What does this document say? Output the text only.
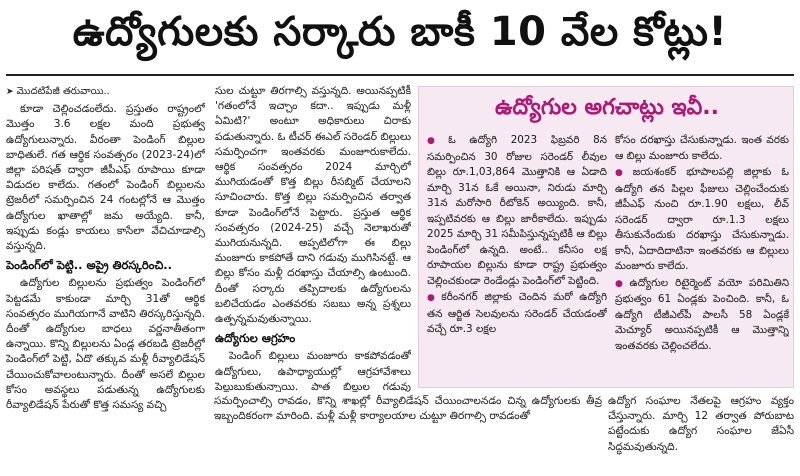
ఉద్యోగులకు సర్కారు బాకీ 10 వేల కోట్లు!
➤ మొదటిపేజీ తరువాయి..

కూడా చెల్లించడంలేదు. ప్రస్తుతం రాష్ట్రంలో మొత్తం 3.6 లక్షల మంది ప్రభుత్వ ఉద్యోగులున్నారు. వీరంతా పెండింగ్ బిల్లుల బాధితులే. గత ఆర్థిక సంవత్సరం (2023-24)లో జిల్లా పరిషత్ ద్వారా జీపీఎఫ్ రూపాయి కూడా విడుదల కాలేదు. గతంలో పెండింగ్ బిల్లులను ట్రెజరీలో సమర్పించిన 24 గంటల్లోనే ఆ మొత్తం ఉద్యోగుల ఖాతాల్లో జమ అయ్యేది. కానీ, ఇప్పుడు కండ్లు కాయలు కాసేలా వేచిచూడాల్సి వస్తున్నది.

పెండింగ్‌లో పెట్టి.. అప్రై తిరస్కరించి..

ఉద్యోగుల బిల్లులను ప్రభుత్వం పెండింగ్‌లో పెట్టడమే కాకుండా మార్చి 31తో ఆర్థిక సంవత్సరం ముగియగానే వాటిని తిరస్కరిస్తున్నది. దీంతో ఉద్యోగుల బాధలు వర్ణనాతీతంగా ఉన్నాయి. కొన్ని బిల్లులను ఏండ్ల తరబడి ట్రెజరీల్లో పెండింగ్‌లో పెట్టి, ఏదొ తక్కువ మళ్లీ రీవ్యాలిడేషన్ చేయించుకోవాలంటున్నారు. దీంతో అసలే బిల్లుల కోసం అవస్థలు పడుతున్న ఉద్యోగులకు రీవ్యాలిడేషన్ పేరుతో కొత్త సమస్య వచ్చి

సుల చుట్టూ తిరగాల్సి వస్తున్నది. అయినప్పటికీ 'గతంలోనే ఇచ్చాం కదా.. ఇప్పుడు మళ్లీ ఏమిటి?' అంటూ అధికారులు చిరాకు పడుతున్నారు. ఓ టీచర్ ఈఎల్ సరెండర్ బిల్లులు సమర్పించగా ఇంతవరకు మంజూరుకాలేదు. ఆర్థిక సంవత్సరం 2024 మార్చిలో ముగియడంతో కొత్త బిల్లు రీసబ్మిట్ చేయాలని సూచించారు. కొత్త బిల్లు సమర్పించిన తర్వాత కూడా పెండింగ్‌లోనే పెట్టారు. ప్రస్తుత ఆర్థిక సంవత్సరం (2024-25) వచ్చే నెలాఖరుతో ముగియనున్నది. అప్పటిలోగా ఈ బిల్లు మంజూరు కాకపోతే దాని గడువు ముగిసినట్టే. ఆ బిల్లు కోసం మళ్లీ దరఖాస్తు చేయాల్సి ఉంటుంది. దీంతో సర్కారు తప్పిదాలకు ఉద్యోగులను బలిచేయడం ఎంతవరకు సబబు అన్న ప్రశ్నలు ఉత్పన్నమవుతున్నాయి.

ఉద్యోగుల ఆగ్రహం

పెండింగ్ బిల్లులు మంజూరు కాకపోవడంతో ఉద్యోగులు, ఉపాధ్యాయుల్లో ఆగ్రహావేశాలు పెల్లుబుకుతున్నాయి. పాత బిల్లుల గడువు

ఉద్యోగుల అగచాట్లు ఇవీ..

● ఓ ఉద్యోగి 2023 ఫిబ్రవరి 8న సమర్పించిన 30 రోజుల సరెండర్ లీవుల బిల్లు రూ.1,03,864 మొత్తానికి ఆ ఏడాది మార్చి 31న ఓకే అయినా, నిరుడు మార్చి 31న మరోసారి రీటోకెన్ అయ్యింది. కానీ, ఇప్పటివరకు ఆ బిల్లు జారీకాలేదు. ఇప్పుడు 2025 మార్చి 31 సమీపిస్తున్నప్పటికీ ఆ బిల్లు పెండింగ్‌లో ఉన్నది. అంటే.. కనీసం లక్ష రూపాయల బిల్లును కూడా రాష్ట్ర ప్రభుత్వం చెల్లించకుండా రెండేండ్లు పెండింగ్‌లో పెట్టింది.

● కరీంనగర్ జిల్లాకు చెందిన మరో ఉద్యోగి తన ఆర్జిత సెలవులను సరెండర్ చేయడంతో వచ్చే రూ.3 లక్షల

కోసం దరఖాస్తు చేసుకున్నాడు. ఇంత వరకు ఆ బిల్లు మంజూరు కాలేదు.

● జయశంకర్ భూపాలపల్లి జిల్లాకు ఓ ఉద్యోగి తన పిల్లల ఫీజులు చెల్లించేందుకు జీపీఎఫ్ నుంచి రూ.1.90 లక్షలు, లీవ్ సరెండర్ ద్వారా రూ.1.3 లక్షలు తీసుకునేందుకు దరఖాస్తు చేసుకున్నాడు. కానీ, ఏదాదిదాటినా ఇంతవరకు ఆ బిల్లులు మంజూరు కాలేదు.

● ఉద్యోగుల రిటైర్మెంట్ వయో పరిమితిని ప్రభుత్వం 61 ఏండ్లకు పెంచింది. కానీ, ఓ ఉద్యోగి టీజీఎల్‌పీ పాలసీ 58 ఏండ్లకే మెచ్యూర్ అయినప్పటికీ ఆ మొత్తాన్ని ఇంతవరకు చెల్లించలేదు.

సమర్పించాల్సి రావడం, కొన్ని శాఖల్లో రీవ్యాలిడేషన్ చేయించాలనడం చిన్న ఉద్యోగులకు తీవ్ర ఇబ్బందికరంగా మారింది. మళ్లీ మళ్లీ కార్యాలయాల చుట్టూ తిరగాల్సి రావడంతో

ఉద్యోగ సంఘాల నేతలపై ఆగ్రహం వ్యక్తం చేస్తున్నారు. మార్చి 12 తర్వాత పోరుబాట పట్టేందుకు ఉద్యోగ సంఘాల జేఏసీ సిద్ధమవుతున్నది.
